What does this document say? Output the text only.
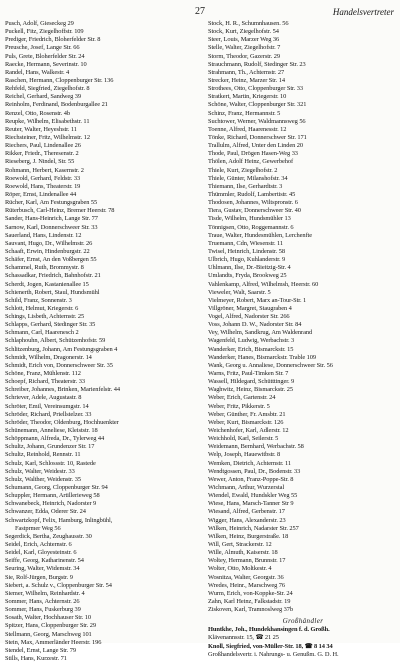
27	Handelsvertreter
Pusch, Adolf, Gieseckeg 29
Puckell, Fitz, Ziegelhoffstr. 109
Prediger, Friedrich, Bloherfelder Str. 8
Preusche, Josef, Lange Str. 66
Puls, Grete, Bloherfelder Str. 24
Raecke, Hermann, Severinstr. 10
Randel, Hans, Walkestr. 4
Raschen, Hermann, Cloppenburger Str. 136
Rehfeld, Siegfried, Ziegelhofstr. 8
Reichel, Gerhard, Sandweg 39
Reinholm, Ferdinand, Bodenburgallee 21
Renzel, Otto, Rosenstr. 4b
Reupke, Wilhelm, Elisabethstr. 11
Reuter, Walter, Heyeshstr. 11
Riechsteiner, Fritz, Wilhelmstr. 12
Riechers, Paul, Lindenallee 26
Rikker, Friedr., Theresenstr. 2
Rieseberg, J. Nindel, Str. 55
Rohmann, Herbert, Kasernstr. 2
Roewold, Gerhard, Feldstr. 33
Roewold, Hans, Theaterstr. 19
Röper, Ernst, Lindenallee 44
Rücher, Karl, Am Festungsgraben 55
Rüterbusch, Carl-Heinz, Bremer Heerstr. 78
Sander, Hans-Heinrich, Lange Str. 77
Sarnow, Karl, Donnerschweer Str. 33
Sauerland, Hans, Lindenstr. 12
Sauvant, Hugo, Dr., Wilhelmstr. 26
Schaaft, Erwin, Hindenburgstr. 22
Schäfer, Ernst, An den Voßbergen 55
Schammel, Ruth, Brommystr. 8
Schassadkar, Friedrich, Bahnhofstr. 21
Scherdt, Jogen, Kastanienallee 15
Schienerth, Robert, Staul, Hundsmühl
Schild, Franz, Sonnenstr. 3
Schlott, Helmut, Kriegerstr. 6
Schings, Lisbeth, Achternstr. 25
Schlapps, Gerhard, Stedinger Str. 35
Schmann, Carl, Haarenesch 2
Schlaphouhn, Albert, Schützenhofstr. 59
Schlitzenburg, Johann, Am Festungsgraben 4
Schmidt, Wilhelm, Dragonerstr. 14
Schmidt, Erich von, Donnerschweer Str. 35
Schöne, Franz, Mühlenstr. 112
Schoepf, Richard, Theaterstr. 33
Schreiber, Johannes, Brinken, Marienfelstr. 44
Schriever, Adele, Augustastr. 8
Schröter, Emil, Vereinsumgstr. 14
Schröder, Richard, Priellstelzer. 33
Schröder, Theodor, Oldenburg, Hochhuenkter
Schünemann, Anneliese, Kleiststr. 18
Schöppmann, Alfreda, Dr., Tylerweg 44
Schultz, Johann, Grundenzer Str. 17
Schultz, Reinhold, Rennstr. 11
Schulz, Karl, Schlossstr. 10, Rastede
Schulz, Walter, Weidestr. 33
Schulz, Walther, Weidenstr. 35
Schumann, Georg, Cloppenburger Str. 94
Schuppler, Hermann, Artillerieweg 58
Schwanebeck, Heinrich, Nadorster 9
Schwanzer, Edda, Oderer Str. 24
Schwartzkopf, Felix, Hamburg, Inlingbühl,
Fastprmer Weg 56
Segerdick, Bertha, Zeughausstr. 30
Seidel, Erich, Achternstr. 6
Seidel, Karl, Gloyesteinstr. 6
Seiffe, Georg, Katharinenstr. 54
Seuring, Walter, Widemstr. 34
Sie, Rolf-Jürgen, Burgstr. 9
Siebert, a. Schulz v., Cloppenburger Str. 54
Siemer, Wilhelm, Reinhardstr. 4
Sommer, Hans, Achternstr. 26
Sommer, Hans, Fuskerburg 39
Sosath, Walter, Hochhauser Str. 10
Spitzer, Hans, Cloppenburger Str. 29
Stellmann, Georg, Marschweg 101
Stein, Max, Ammerländer Heerstr. 196
Stendel, Ernst, Lange Str. 79
Stills, Hans, Kurzestr. 71
Stock, H. R., Schumnhausen. 56
Stock, Kurt, Ziegelhofstr. 54
Steer, Louis, Marzer Weg 36
Stelle, Walter, Ziegelhofstr. 7
Storm, Theodor, Gazerstr. 29
Strauchmann, Rudolf, Stedinger Str. 23
Strahmann, Th., Achternstr. 27
Strecker, Heinz, Marzer Str. 14
Strothees, Otto, Cloppenburger Str. 33
Stratkert, Martin, Kriegerstr. 10
Schöne, Walter, Cloppenburger Str. 321
Schinz, Franz, Hermannstr. 5
Suchtower, Werner, Waldmannsweg 56
Toenne, Alfred, Haarenesstr. 12
Tönke, Richard, Donnerschwer Str. 171
Trallulm, Alfred, Unter den Linden 20
Thode, Paul, Drögen Hasen-Weg 33
Thölen, Adolf Heinz, Gewerbehof
Thiele, Kurt, Ziegelhofstr. 2
Thiele, Günter, Milanshofstr. 34
Thiemann, Ilse, Gerhardtstr. 3
Thümmler, Rudolf, Lambertistr. 45
Thodosen, Johannes, Wiltspronstr. 6
Tiera, Gustav, Donnerschweer Str. 40
Tisde, Wilhelm, Hundsmühler 13
Tönnigsen, Otto, Roggemannstr. 6
Traue, Walter, Hundesmühlen, Lerchenfte
Truemann, Cdn, Wiesenstr. 11
Twisel, Heinrich, Lindenstr. 58
Ulbrich, Hugo, Kuhlanderstr. 9
Uhlmann, Ilse, Dr.-Bieitzig-Str. 4
Umlandts, Fryda, Brookweg 25
Vahlenkamp, Alfred, Wilhelmsh, Heerstr. 60
Vieweler, Walt, Saarstr. 5
Vielmeyer, Robert, Marx an-Tour-Str. 1
Villgröner, Margret, Staugraben 4
Vogel, Alfred, Nadorster Str. 266
Voss, Johann D. W., Nadorster Str. 84
Vey, Wilhelm, Sandkrug, Am Waldenrand
Wagenfeld, Ludwig, Werbachstr. 3
Wanderker, Erich, Bismarckstr. 15
Wanderker, Hanes, Bismarckstr. Trable 109
Wank, Georg u. Annaliese, Donnerschweer Str. 56
Warns, Fritz, Paul-Timken Str. 7
Wassell, Hildegard, Schütttinger. 9
Waghwitz, Heinz, Bismarckstr. 25
Weber, Erich, Gartenstr. 24
Weber, Fritz, Pikkerstr. 5
Weber, Günther, Fr. Amsbtr. 21
Weber, Kurt, Bismarckstr. 126
Weichenhofer, Karl, Adlerstr. 12
Weichhold, Karl, Seilerstr. 5
Weidemann, Bernhard, Werbachstr. 58
Welp, Joseph, Hauewitbstr. 8
Wemken, Dietrich, Achternstr. 11
Wendtgossen, Paul, Dr., Bodenstr. 33
Wewer, Anton, Franz-Poppe-Str. 8
Wichmann, Arthur, Wurzerstal
Wiendel, Ewald, Hundskler Weg 55
Wiese, Hans, Marsch-Tanner Str 9
Wiesand, Alfred, Gerbenstr. 17
Wigger, Hans, Alexanderstr. 23
Wilken, Heinrich, Nadarster Str. 257
Wilken, Heinz, Burgerstraße. 18
Will, Gert, Strackerstr. 12
Wille, Almuth, Kaiserstr. 18
Woltey, Hermann, Brunnstr. 17
Wolter, Otto, Moltkestr. 4
Wosnitza, Walter, Georgstr. 36
Wredes, Heinr., Marschweg 76
Wurm, Erich, von-Koppke-Str. 24
Zahn, Karl Heinz, Falkstadstr. 19
Ziskoven, Karl, Tramnoslweg 37b
Großhändler
Huntkhe, Joh., Hundekhansingen f. d. Großh.
Klävenannsstr. 15, ☎ 21 25
Knoll, Siegfried, von-Müller-Str. 18, ☎ 8 14 34
Großhandelsvertr. i. Nahrungs- u. Genußm. G. D. H.
